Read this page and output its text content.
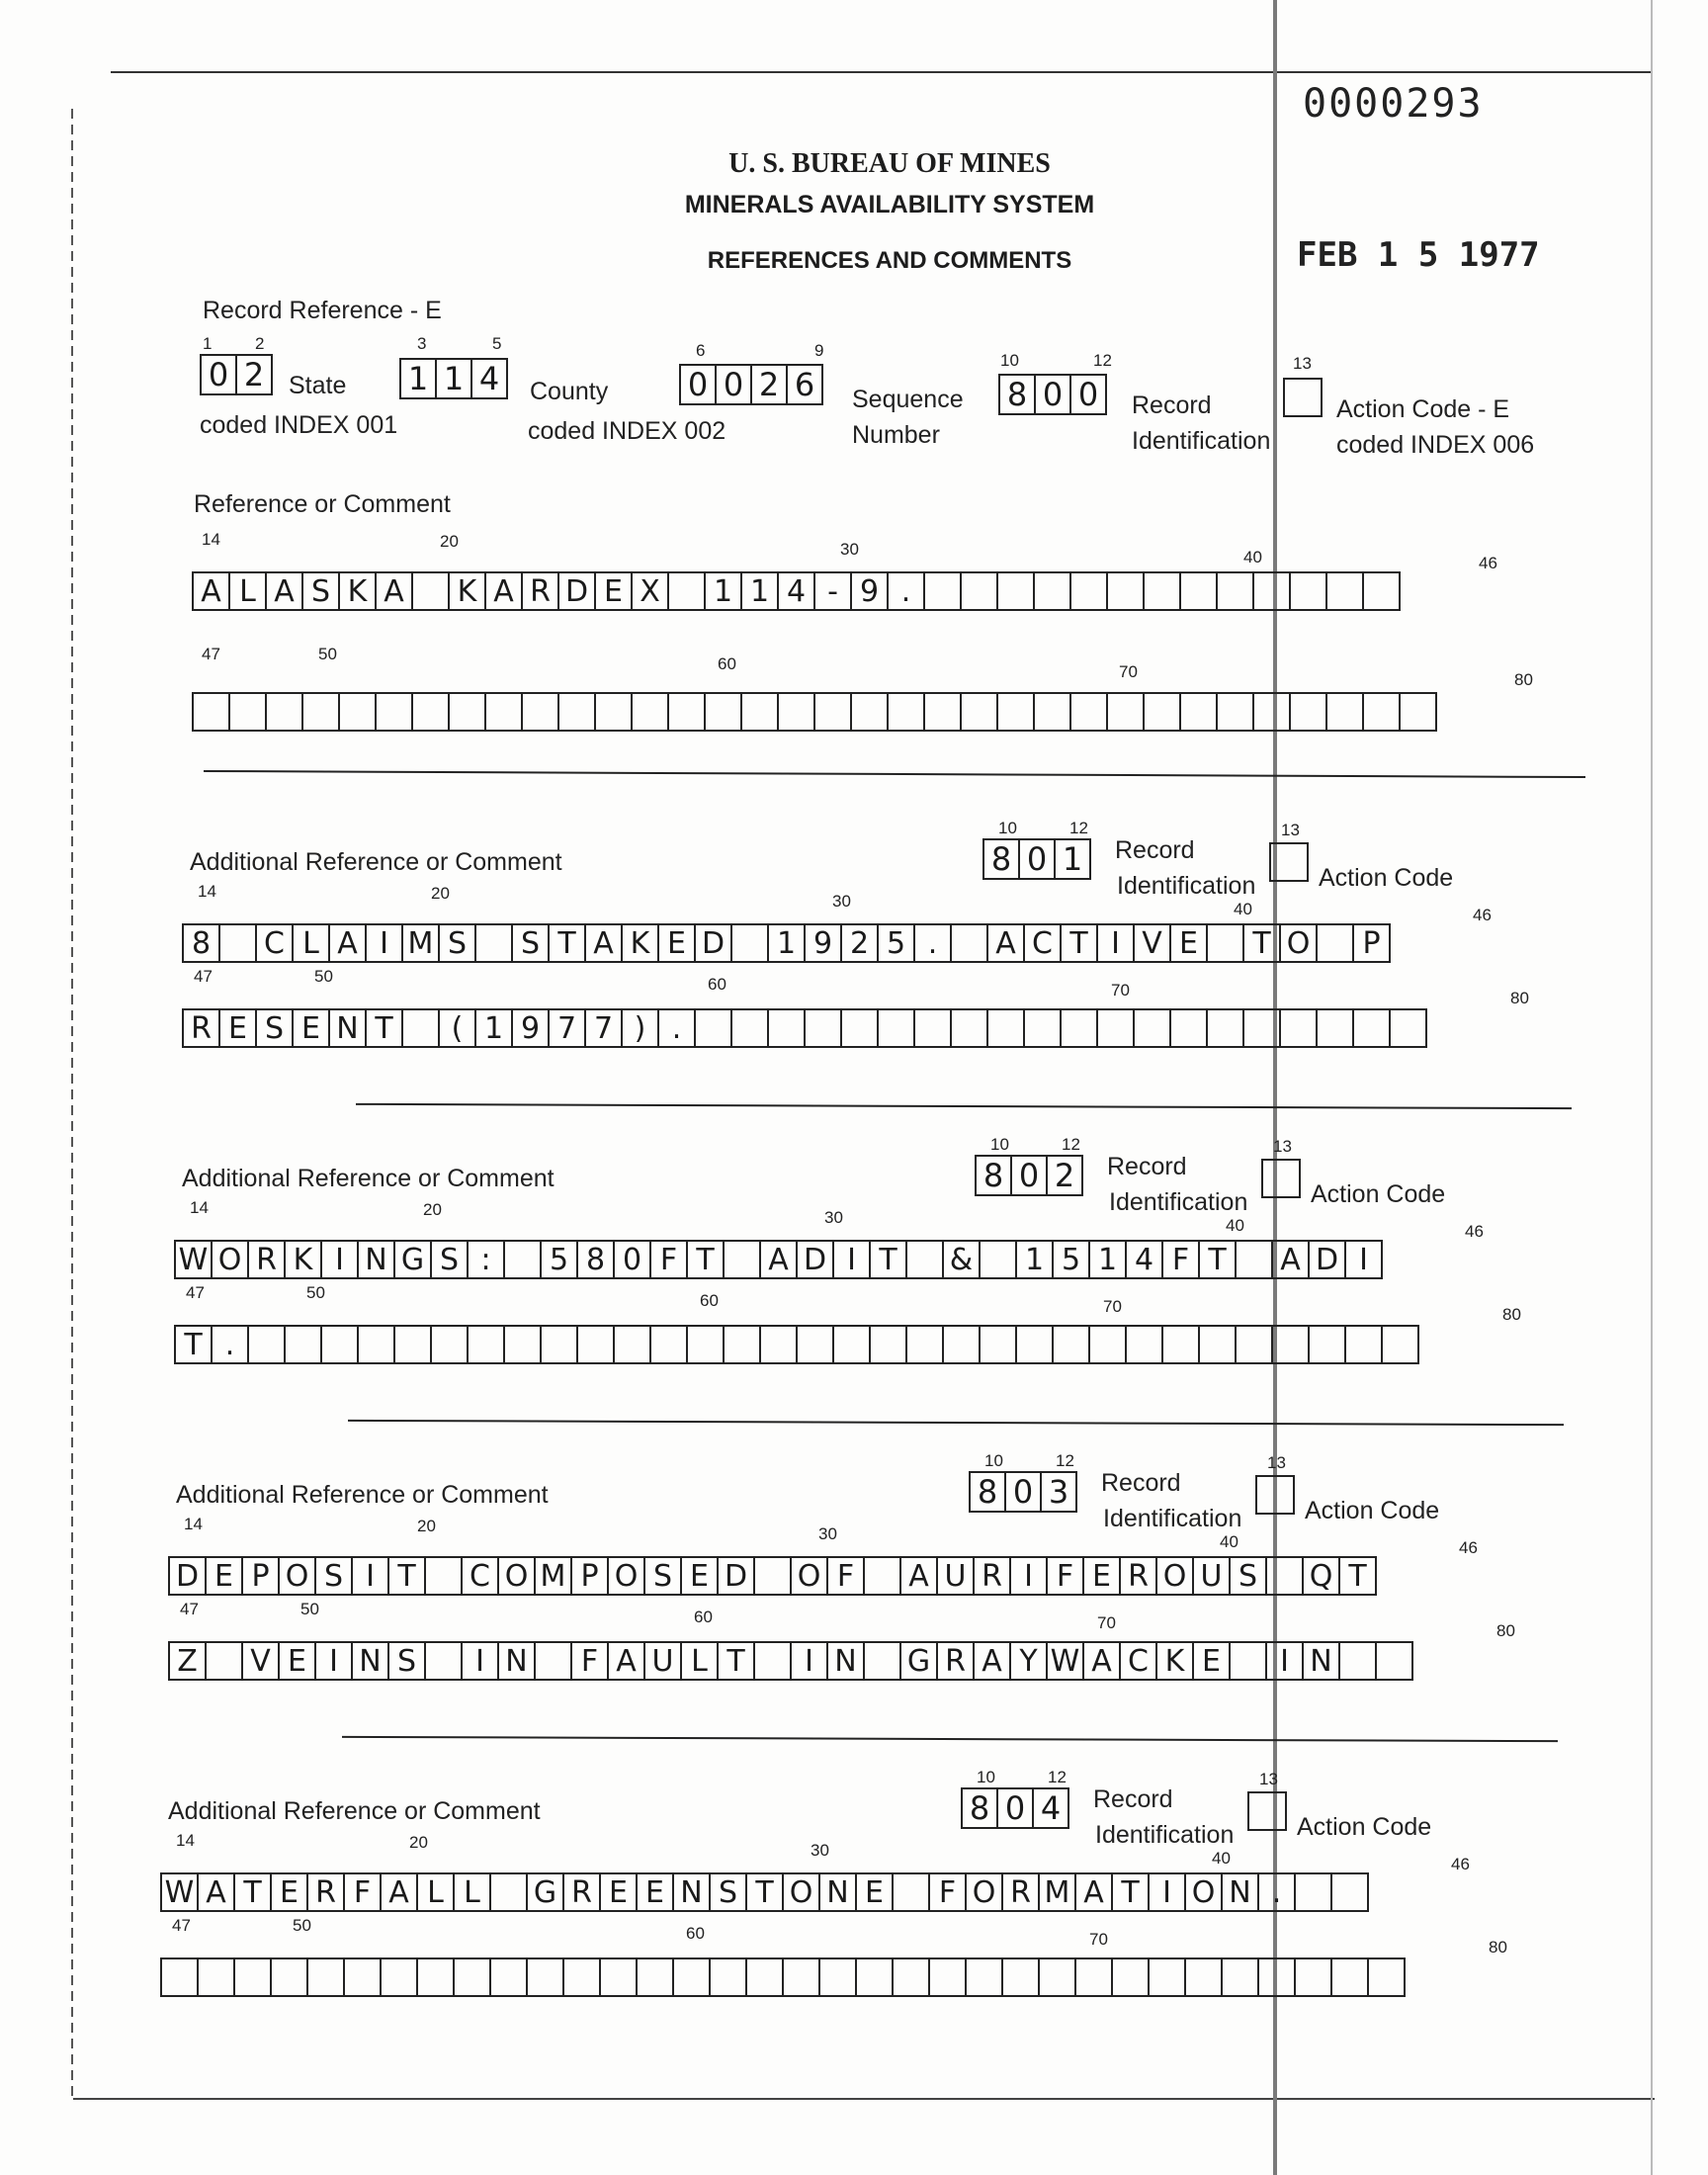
0000293
FEB 1 5 1977
U. S. BUREAU OF MINES
MINERALS AVAILABILITY SYSTEM
REFERENCES AND COMMENTS
Record Reference - E
1	2
0 2 State
coded INDEX 001
3	5
1 1 4	County
coded INDEX 002
6	9
0 0 2 6	Sequence
Number
10	12
8 0 0	Record
Identification
13
Action Code - E
coded INDEX 006
Reference or Comment
14	20	30	40	46
A L A S K A	K A R D E X	1 1 4 - 9 .
47	50
60	70	80
Additional Reference or Comment
10	12
8 0 1	Record
Identification
13
Action Code
14	20	30	40	46
8	C L A I M S	S T A K E D	1 9 2 5 .	A C T I V E	T O	P
47	50	60	70	80
R E S E N T	( 1 9 7 7 ) .
Additional Reference or Comment
10	12
8 0 2	Record
Identification
13
Action Code
14	20	30	40	46
W O R K I N G S :	5 8 0 F T	A D I T	&	1 5 1 4 F T	A D I
47	50	60	70	80
T .
Additional Reference or Comment
10	12
8 0 3	Record
Identification
13
Action Code
14	20	30	40	46
D E P O S I T	C O M P O S E D O F	A U R I F E R O U S	Q T
47	50	60	70	80
Z	V E I N S	I N	F A U L T	I N G R A Y W A C K E	I N
Additional Reference or Comment
10	12
8 0 4	Record
Identification
13
Action Code
14	20	30	40	46
W A T E R F A L L	G R E E N S T O N E	F O R M A T I O N .
47	50	60	70	80
